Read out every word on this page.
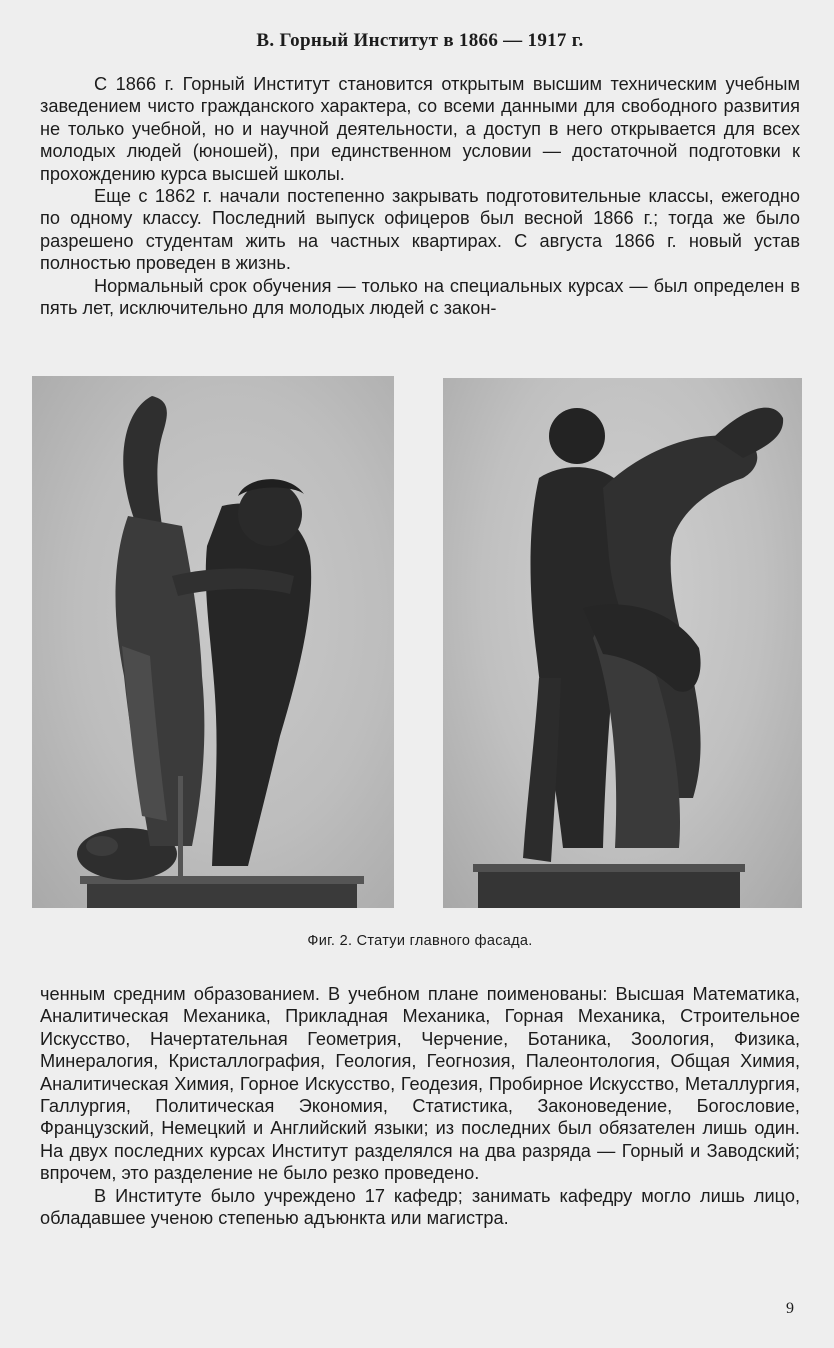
В. Горный Институт в 1866 — 1917 г.

С 1866 г. Горный Институт становится открытым высшим техническим учебным заведением чисто гражданского характера, со всеми данными для свободного развития не только учебной, но и научной деятельности, а доступ в него открывается для всех молодых людей (юношей), при единственном условии — достаточной подготовки к прохождению курса высшей школы.

Еще с 1862 г. начали постепенно закрывать подготовительные классы, ежегодно по одному классу. Последний выпуск офицеров был весной 1866 г.; тогда же было разрешено студентам жить на частных квартирах. С августа 1866 г. новый устав полностью проведен в жизнь.

Нормальный срок обучения — только на специальных курсах — был определен в пять лет, исключительно для молодых людей с закон-

Фиг. 2. Статуи главного фасада.

ченным средним образованием. В учебном плане поименованы: Высшая Математика, Аналитическая Механика, Прикладная Механика, Горная Механика, Строительное Искусство, Начертательная Геометрия, Черчение, Ботаника, Зоология, Физика, Минералогия, Кристаллография, Геология, Геогнозия, Палеонтология, Общая Химия, Аналитическая Химия, Горное Искусство, Геодезия, Пробирное Искусство, Металлургия, Галлургия, Политическая Экономия, Статистика, Законоведение, Богословие, Французский, Немецкий и Английский языки; из последних был обязателен лишь один. На двух последних курсах Институт разделялся на два разряда — Горный и Заводский; впрочем, это разделение не было резко проведено.

В Институте было учреждено 17 кафедр; занимать кафедру могло лишь лицо, обладавшее ученою степенью адъюнкта или магистра.

9
